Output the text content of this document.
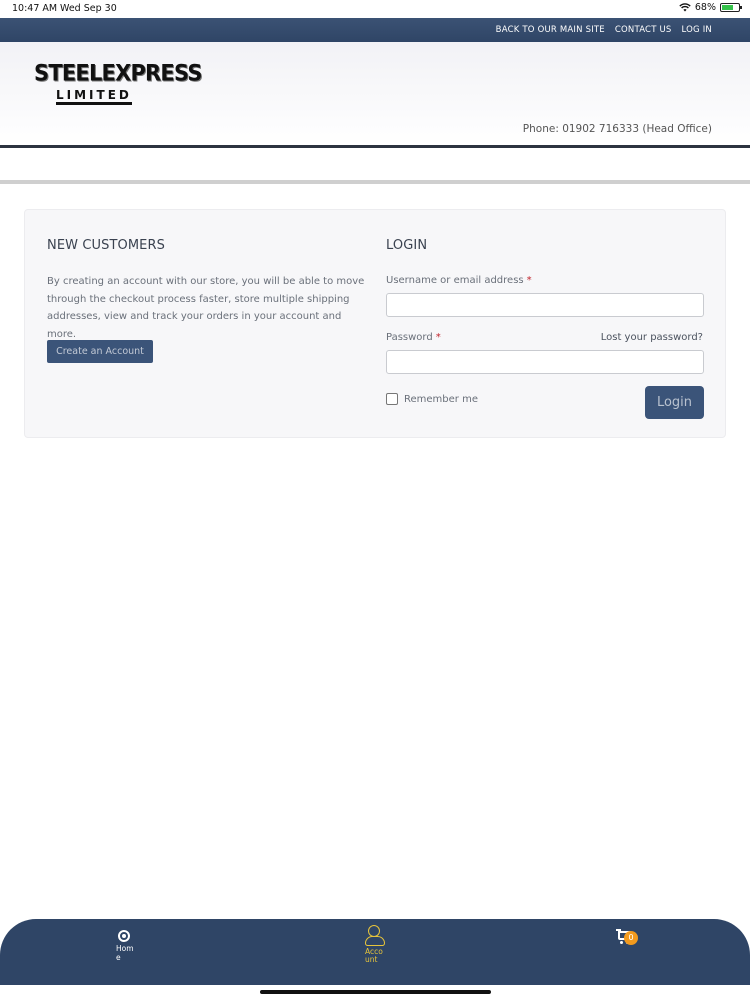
10:47 AM Wed Sep 30	68%
BACK TO OUR MAIN SITE CONTACT US LOG IN
STEELEXPRESS
LIMITED
Phone: 01902 716333 (Head Office)
NEW CUSTOMERS
By creating an account with our store, you will be able to move through the checkout process faster, store multiple shipping addresses, view and track your orders in your account and more.
Create an Account
LOGIN
Username or email address *
Password *	Lost your password?
Remember me	Login
Home
Account
0
